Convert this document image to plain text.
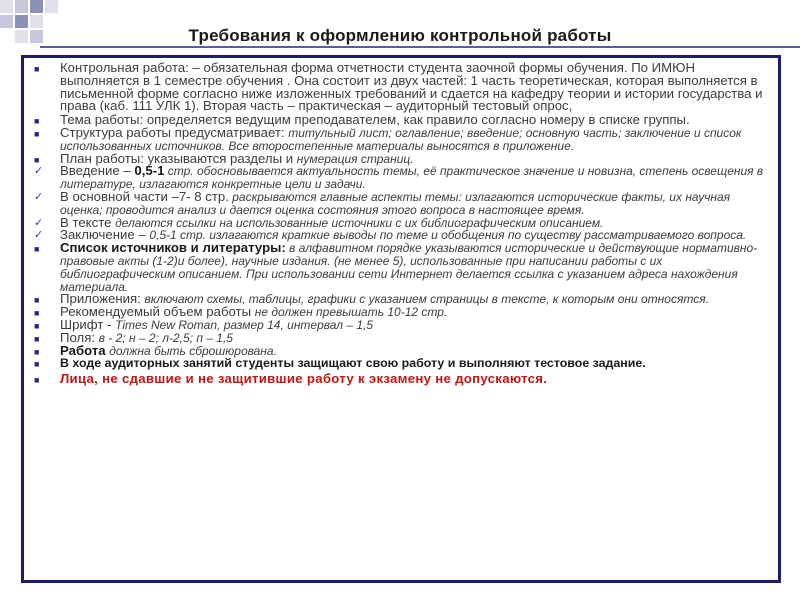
Требования к оформлению контрольной работы
■ Контрольная работа: – обязательная форма отчетности студента заочной формы обучения. По ИМЮН выполняется в 1 семестре обучения . Она состоит из двух частей: 1 часть теоретическая, которая выполняется в письменной форме согласно ниже изложенных требований и сдается на кафедру теории и истории государства и права (каб. 111 УЛК 1). Вторая часть – практическая – аудиторный тестовый опрос,
■ Тема работы: определяется ведущим преподавателем, как правило согласно номеру в списке группы.
■ Структура работы предусматривает: титульный лист; оглавление; введение; основную часть; заключение и список использованных источников. Все второстепенные материалы выносятся в приложение.
■ План работы: указываются разделы и нумерация страниц.
✓ Введение – 0,5-1 стр. обосновывается актуальность темы, её практическое значение и новизна, степень освещения в литературе, излагаются конкретные цели и задачи.
✓ В основной части –7- 8 стр. раскрываются главные аспекты темы: излагаются исторические факты, их научная оценка; проводится анализ и дается оценка состояния этого вопроса в настоящее время.
✓ В тексте делаются ссылки на использованные источники с их библиографическим описанием.
✓ Заключение – 0,5-1 стр. излагаются краткие выводы по теме и обобщения по существу рассматриваемого вопроса.
■ Список источников и литературы: в алфавитном порядке указываются исторические и действующие нормативно-правовые акты (1-2)и более), научные издания. (не менее 5), использованные при написании работы с их библиографическим описанием. При использовании сети Интернет делается ссылка с указанием адреса нахождения материала.
■ Приложения: включают схемы, таблицы, графики с указанием страницы в тексте, к которым они относятся.
■ Рекомендуемый объем работы не должен превышать 10-12 стр.
■ Шрифт - Times New Roman, размер 14, интервал – 1,5
■ Поля: в - 2; н – 2; л-2,5; п – 1,5
■ Работа должна быть сброшюрована.
■ В ходе аудиторных занятий студенты защищают свою работу и выполняют тестовое задание.
■ Лица, не сдавшие и не защитившие работу к экзамену не допускаются.
